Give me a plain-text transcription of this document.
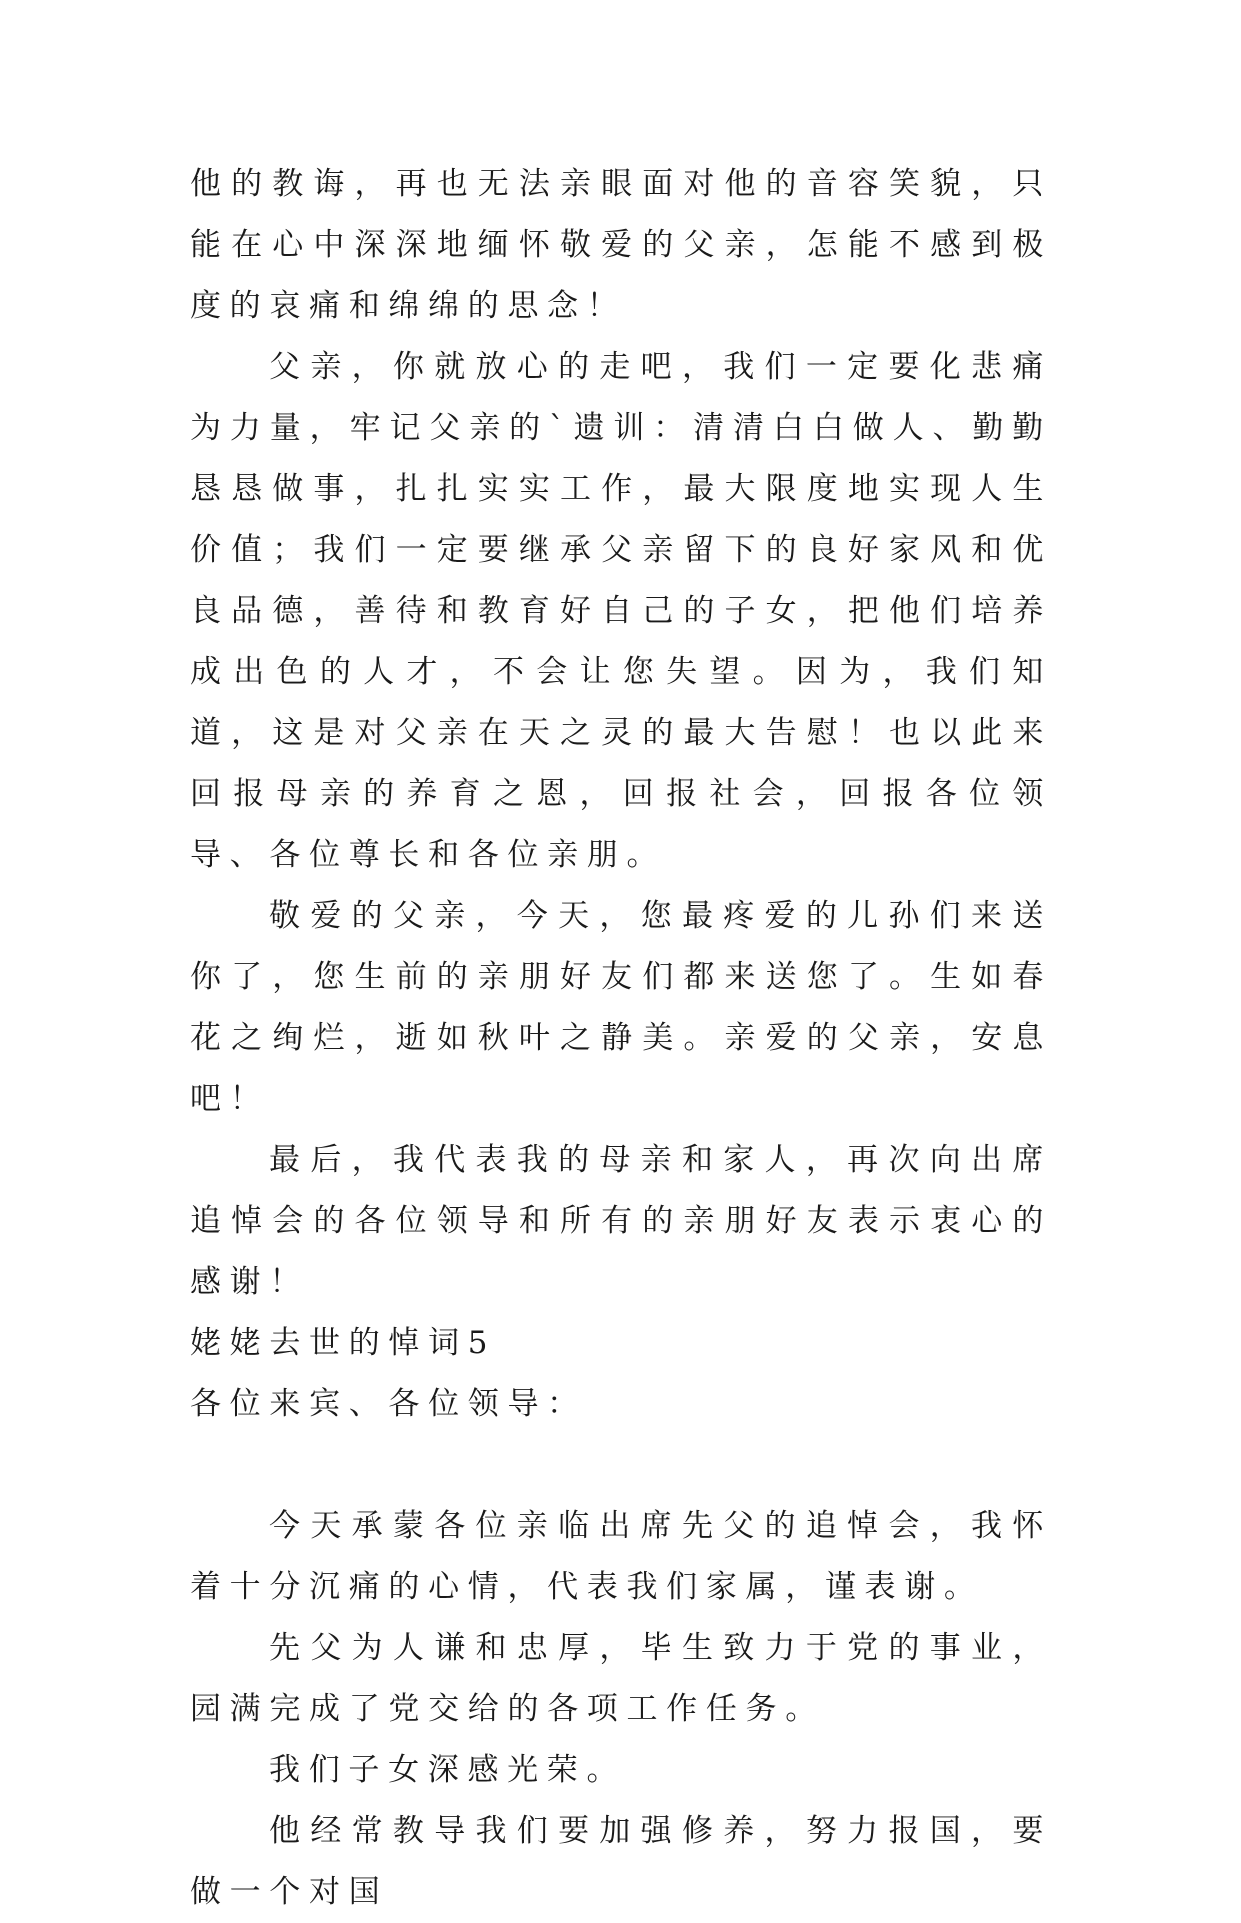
他的教诲，再也无法亲眼面对他的音容笑貌，只能在心中深深地缅怀敬爱的父亲，怎能不感到极度的哀痛和绵绵的思念！

父亲，你就放心的走吧，我们一定要化悲痛为力量，牢记父亲的`遗训：清清白白做人、勤勤恳恳做事，扎扎实实工作，最大限度地实现人生价值；我们一定要继承父亲留下的良好家风和优良品德，善待和教育好自己的子女，把他们培养成出色的人才，不会让您失望。因为，我们知道，这是对父亲在天之灵的最大告慰！也以此来回报母亲的养育之恩，回报社会，回报各位领导、各位尊长和各位亲朋。

敬爱的父亲，今天，您最疼爱的儿孙们来送你了，您生前的亲朋好友们都来送您了。生如春花之绚烂，逝如秋叶之静美。亲爱的父亲，安息吧！

最后，我代表我的母亲和家人，再次向出席追悼会的各位领导和所有的亲朋好友表示衷心的感谢！

姥姥去世的悼词5

各位来宾、各位领导：

今天承蒙各位亲临出席先父的追悼会，我怀着十分沉痛的心情，代表我们家属，谨表谢。

先父为人谦和忠厚，毕生致力于党的事业，园满完成了党交给的各项工作任务。

我们子女深感光荣。

他经常教导我们要加强修养，努力报国，要做一个对国
